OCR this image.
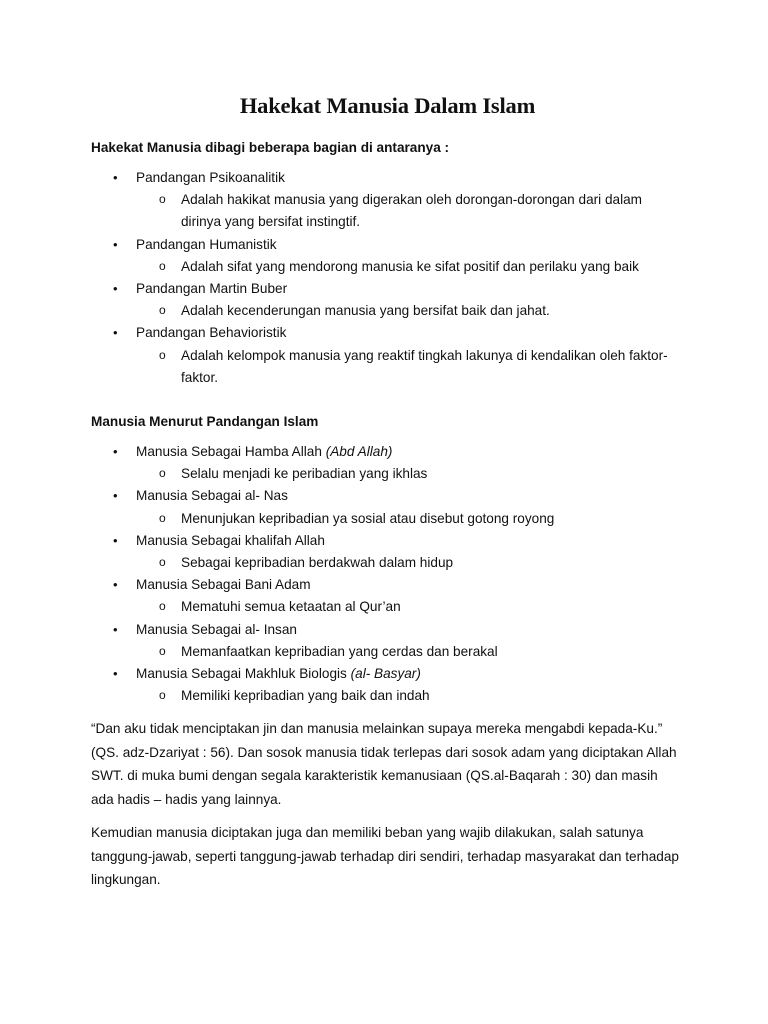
Hakekat Manusia Dalam Islam

Hakekat Manusia dibagi beberapa bagian di antaranya :

• Pandangan Psikoanalitik
o Adalah hakikat manusia yang digerakan oleh dorongan-dorongan dari dalam dirinya yang bersifat instingtif.
• Pandangan Humanistik
o Adalah sifat yang mendorong manusia ke sifat positif dan perilaku yang baik
• Pandangan Martin Buber
o Adalah kecenderungan manusia yang bersifat baik dan jahat.
• Pandangan Behavioristik
o Adalah kelompok manusia yang reaktif tingkah lakunya di kendalikan oleh faktor-faktor.

Manusia Menurut Pandangan Islam

• Manusia Sebagai Hamba Allah (Abd Allah)
o Selalu menjadi ke peribadian yang ikhlas
• Manusia Sebagai al- Nas
o Menunjukan kepribadian ya sosial atau disebut gotong royong
• Manusia Sebagai khalifah Allah
o Sebagai kepribadian berdakwah dalam hidup
• Manusia Sebagai Bani Adam
o Mematuhi semua ketaatan al Qur’an
• Manusia Sebagai al- Insan
o Memanfaatkan kepribadian yang cerdas dan berakal
• Manusia Sebagai Makhluk Biologis (al- Basyar)
o Memiliki kepribadian yang baik dan indah

“Dan aku tidak menciptakan jin dan manusia melainkan supaya mereka mengabdi kepada-Ku.” (QS. adz-Dzariyat : 56). Dan sosok manusia tidak terlepas dari sosok adam yang diciptakan Allah SWT. di muka bumi dengan segala karakteristik kemanusiaan (QS.al-Baqarah : 30) dan masih ada hadis – hadis yang lainnya.

Kemudian manusia diciptakan juga dan memiliki beban yang wajib dilakukan, salah satunya tanggung-jawab, seperti tanggung-jawab terhadap diri sendiri, terhadap masyarakat dan terhadap lingkungan.
